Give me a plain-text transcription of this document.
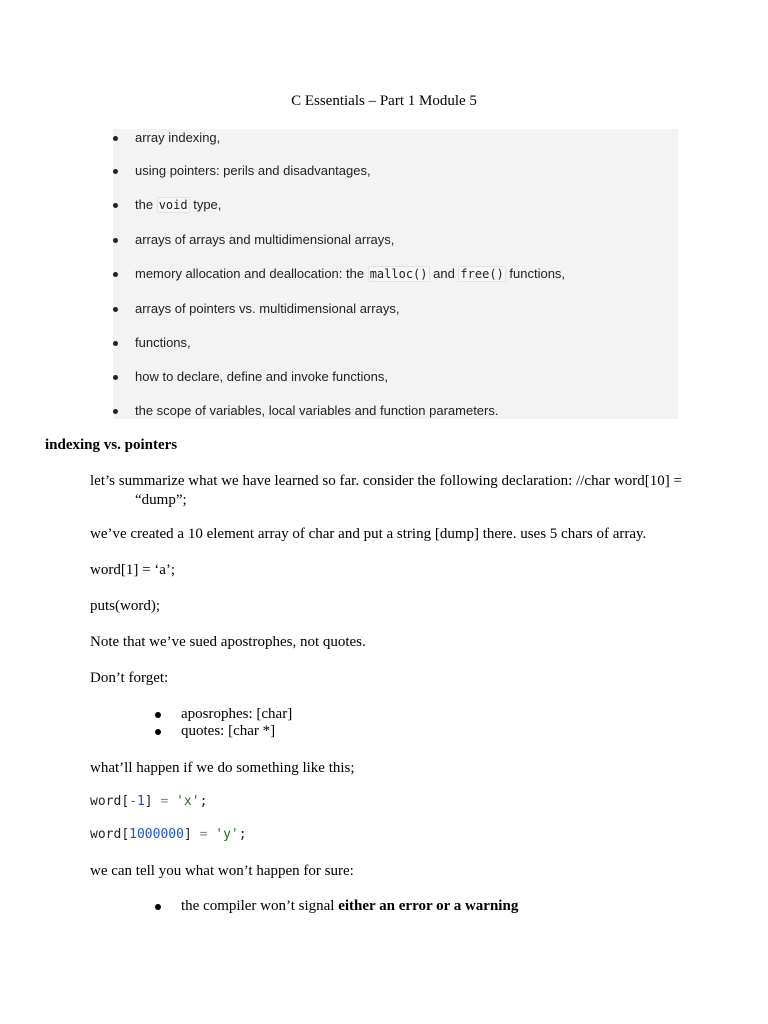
C Essentials – Part 1 Module 5
array indexing,
using pointers: perils and disadvantages,
the void type,
arrays of arrays and multidimensional arrays,
memory allocation and deallocation: the malloc() and free() functions,
arrays of pointers vs. multidimensional arrays,
functions,
how to declare, define and invoke functions,
the scope of variables, local variables and function parameters.
indexing vs. pointers
let’s summarize what we have learned so far. consider the following declaration: //char word[10] = “dump”;
we’ve created a 10 element array of char and put a string [dump] there. uses 5 chars of array.
word[1] = ‘a’;
puts(word);
Note that we’ve sued apostrophes, not quotes.
Don’t forget:
aposrophes: [char]
quotes: [char *]
what’ll happen if we do something like this;
word[-1] = 'x';
word[1000000] = 'y';
we can tell you what won’t happen for sure:
the compiler won’t signal either an error or a warning
